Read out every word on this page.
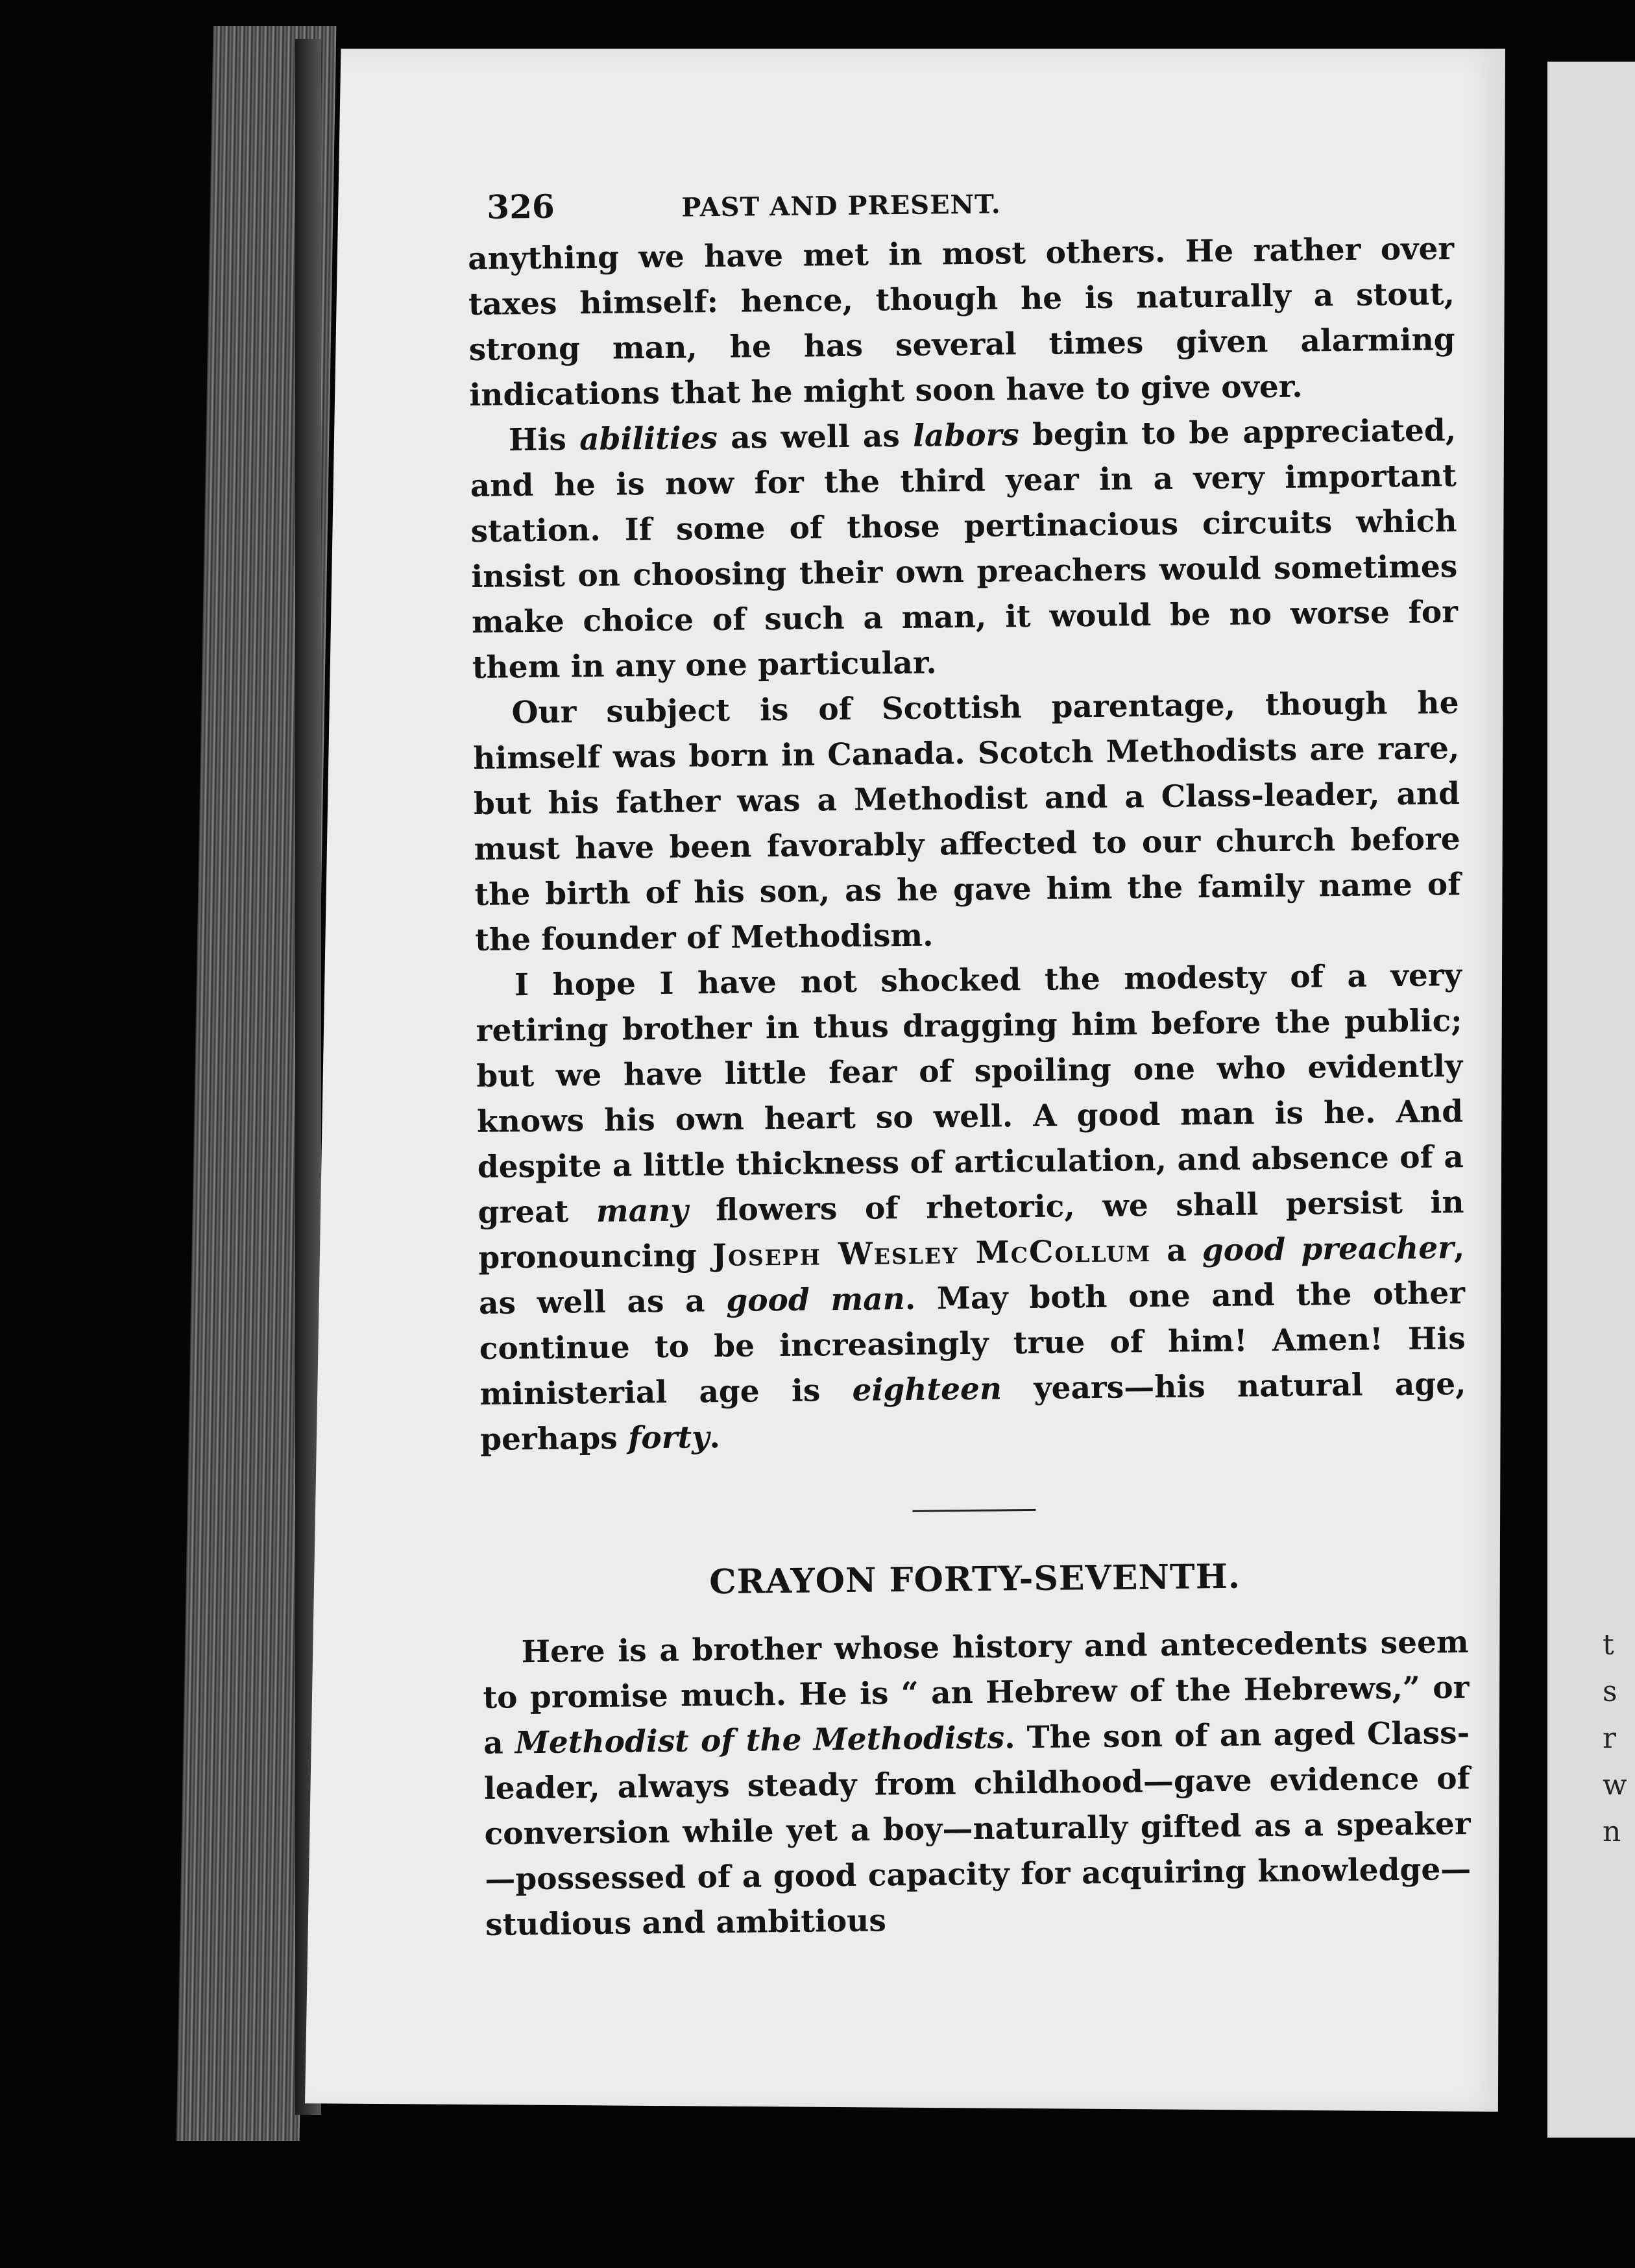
t
s
r
w
n
326	PAST AND PRESENT.

anything we have met in most others. He rather over taxes himself: hence, though he is naturally a stout, strong man, he has several times given alarming indications that he might soon have to give over.

His abilities as well as labors begin to be appreciated, and he is now for the third year in a very important station. If some of those pertinacious circuits which insist on choosing their own preachers would sometimes make choice of such a man, it would be no worse for them in any one particular.

Our subject is of Scottish parentage, though he himself was born in Canada. Scotch Methodists are rare, but his father was a Methodist and a Class-leader, and must have been favorably affected to our church before the birth of his son, as he gave him the family name of the founder of Methodism.

I hope I have not shocked the modesty of a very retiring brother in thus dragging him before the public; but we have little fear of spoiling one who evidently knows his own heart so well. A good man is he. And despite a little thickness of articulation, and absence of a great many flowers of rhetoric, we shall persist in pronouncing Joseph Wesley McCollum a good preacher, as well as a good man. May both one and the other continue to be increasingly true of him! Amen! His ministerial age is eighteen years—his natural age, perhaps forty.

CRAYON FORTY-SEVENTH.

Here is a brother whose history and antecedents seem to promise much. He is “ an Hebrew of the Hebrews,” or a Methodist of the Methodists. The son of an aged Class-leader, always steady from childhood—gave evidence of conversion while yet a boy—naturally gifted as a speaker—possessed of a good capacity for acquiring knowledge—studious and ambitious
